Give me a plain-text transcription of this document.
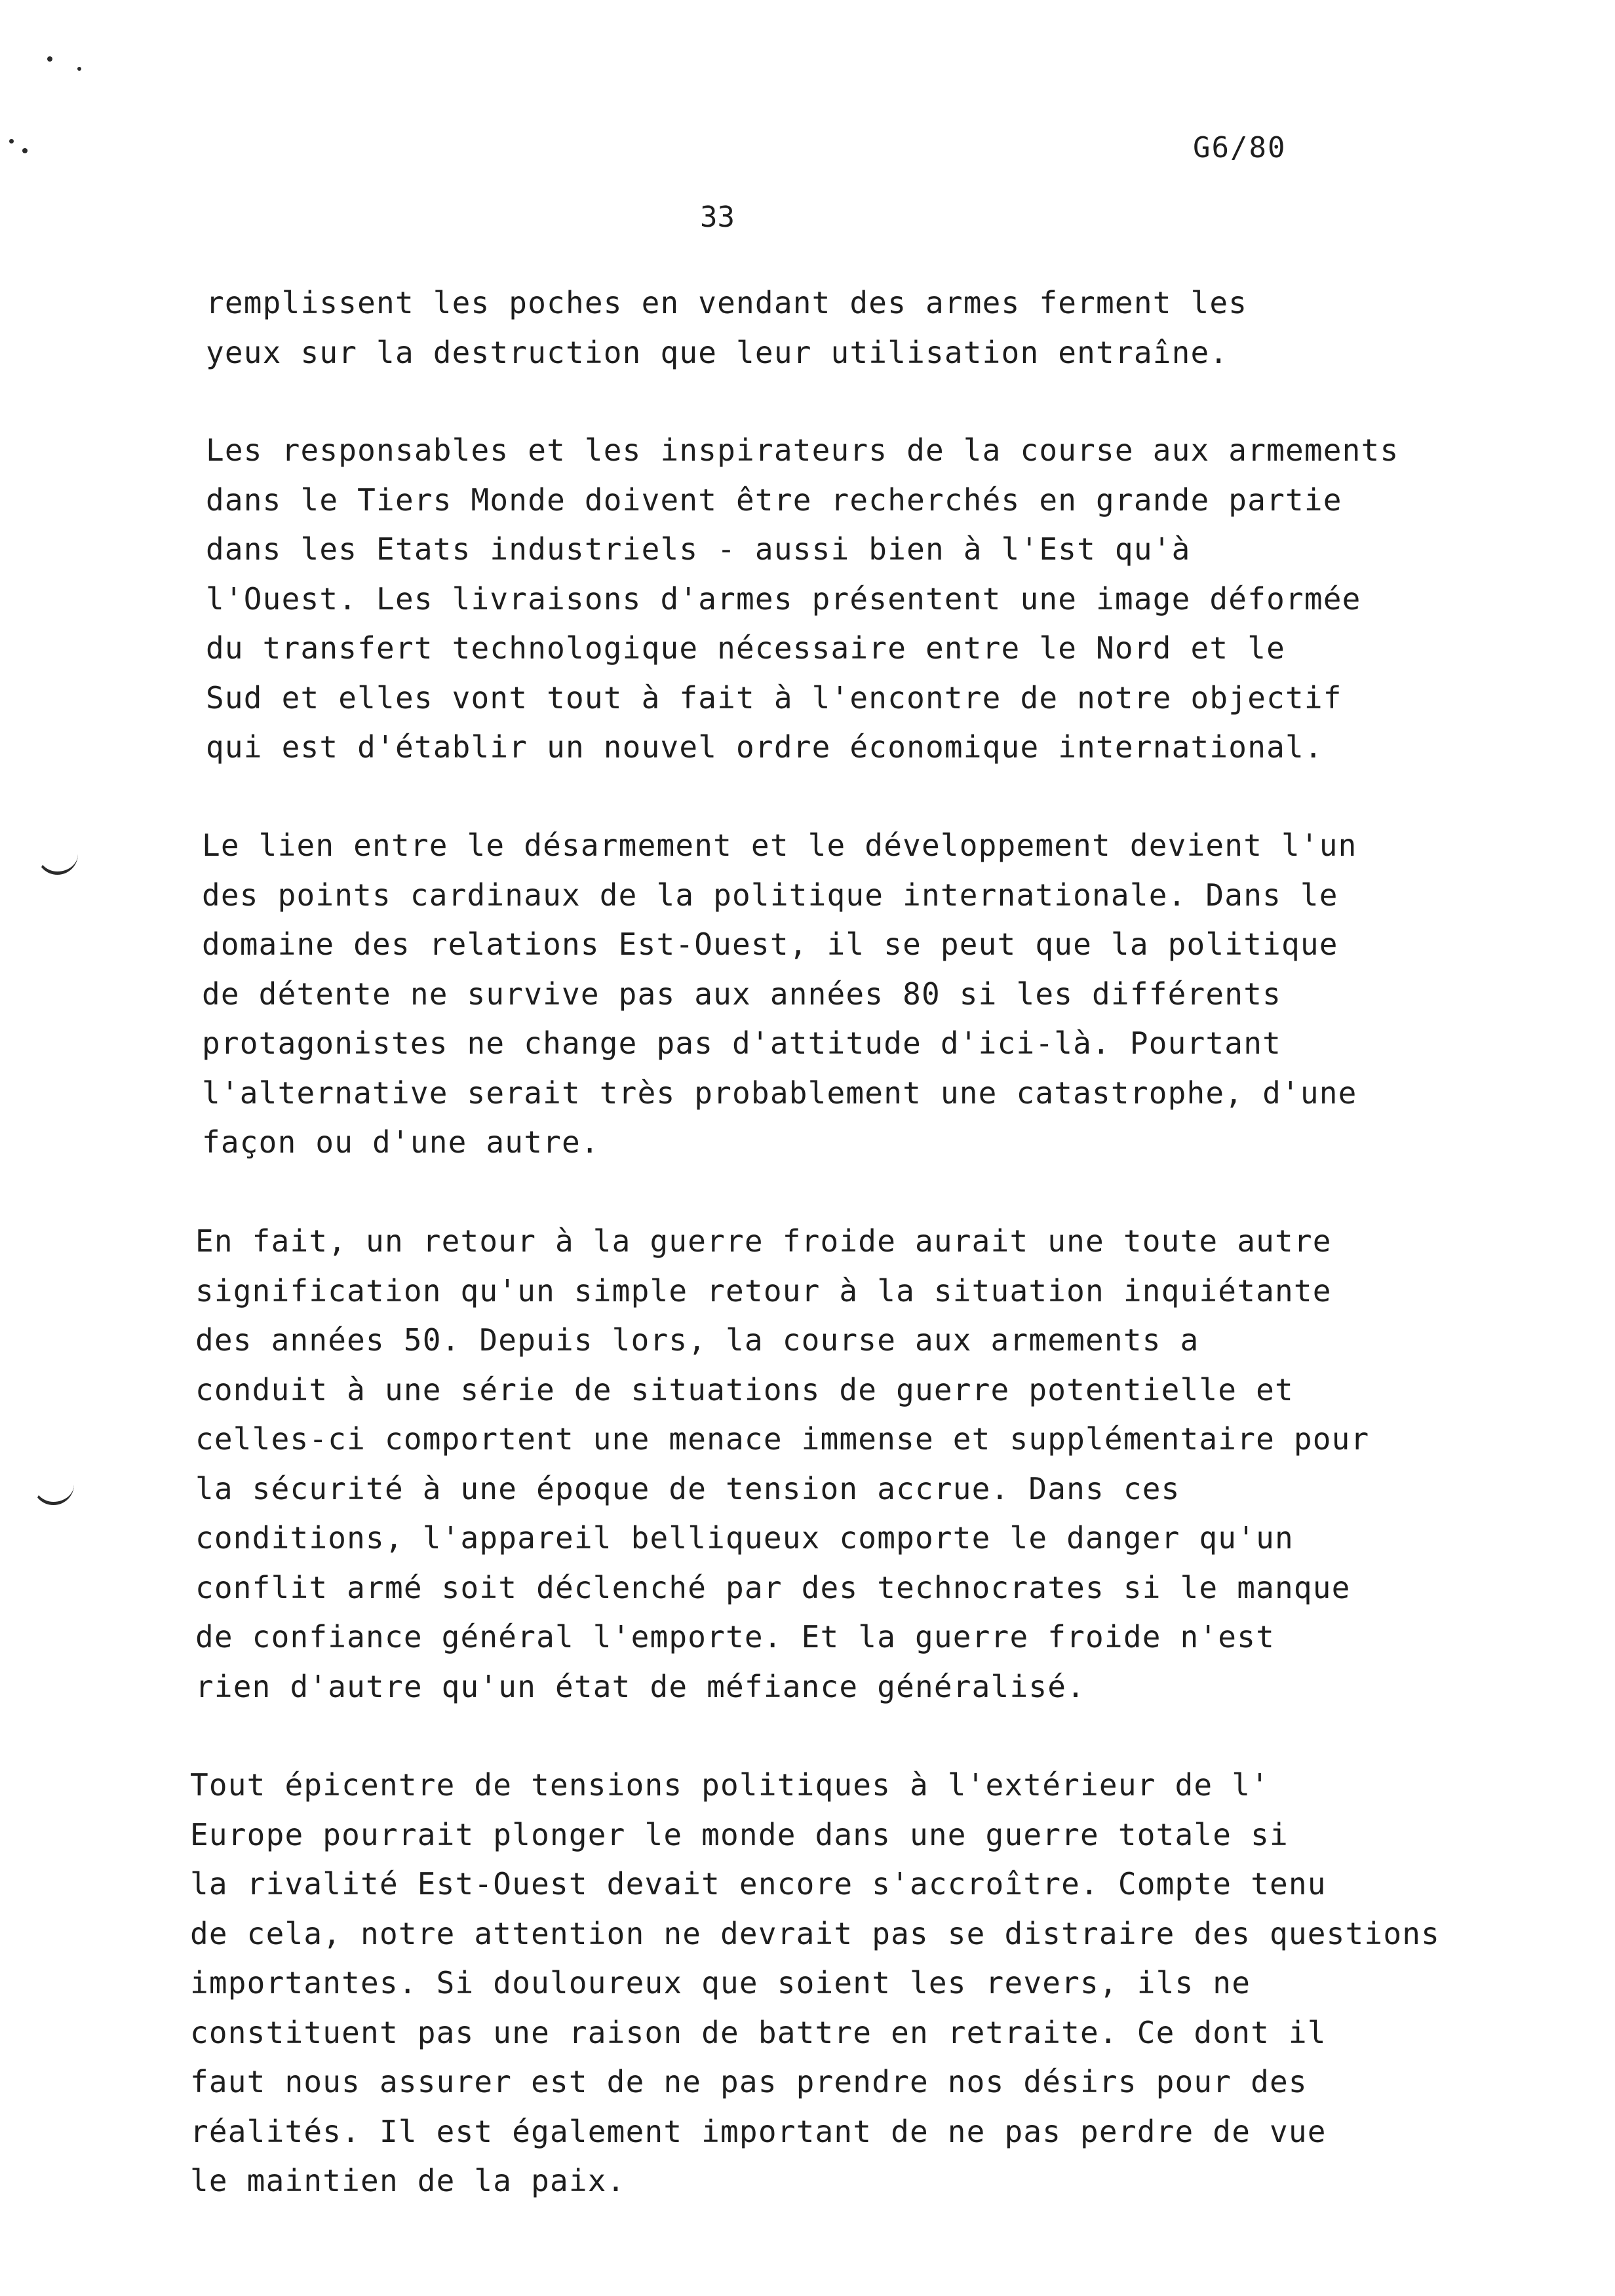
G6/80
33
remplissent les poches en vendant des armes ferment les
yeux sur la destruction que leur utilisation entraîne.
Les responsables et les inspirateurs de la course aux armements
dans le Tiers Monde doivent être recherchés en grande partie
dans les Etats industriels - aussi bien à l'Est qu'à
l'Ouest. Les livraisons d'armes présentent une image déformée
du transfert technologique nécessaire entre le Nord et le
Sud et elles vont tout à fait à l'encontre de notre objectif
qui est d'établir un nouvel ordre économique international.
Le lien entre le désarmement et le développement devient l'un
des points cardinaux de la politique internationale. Dans le
domaine des relations Est-Ouest, il se peut que la politique
de détente ne survive pas aux années 80 si les différents
protagonistes ne change pas d'attitude d'ici-là. Pourtant
l'alternative serait très probablement une catastrophe, d'une
façon ou d'une autre.
En fait, un retour à la guerre froide aurait une toute autre
signification qu'un simple retour à la situation inquiétante
des années 50. Depuis lors, la course aux armements a
conduit à une série de situations de guerre potentielle et
celles-ci comportent une menace immense et supplémentaire pour
la sécurité à une époque de tension accrue. Dans ces
conditions, l'appareil belliqueux comporte le danger qu'un
conflit armé soit déclenché par des technocrates si le manque
de confiance général l'emporte. Et la guerre froide n'est
rien d'autre qu'un état de méfiance généralisé.
Tout épicentre de tensions politiques à l'extérieur de l'
Europe pourrait plonger le monde dans une guerre totale si
la rivalité Est-Ouest devait encore s'accroître. Compte tenu
de cela, notre attention ne devrait pas se distraire des questions
importantes. Si douloureux que soient les revers, ils ne
constituent pas une raison de battre en retraite. Ce dont il
faut nous assurer est de ne pas prendre nos désirs pour des
réalités. Il est également important de ne pas perdre de vue
le maintien de la paix.
